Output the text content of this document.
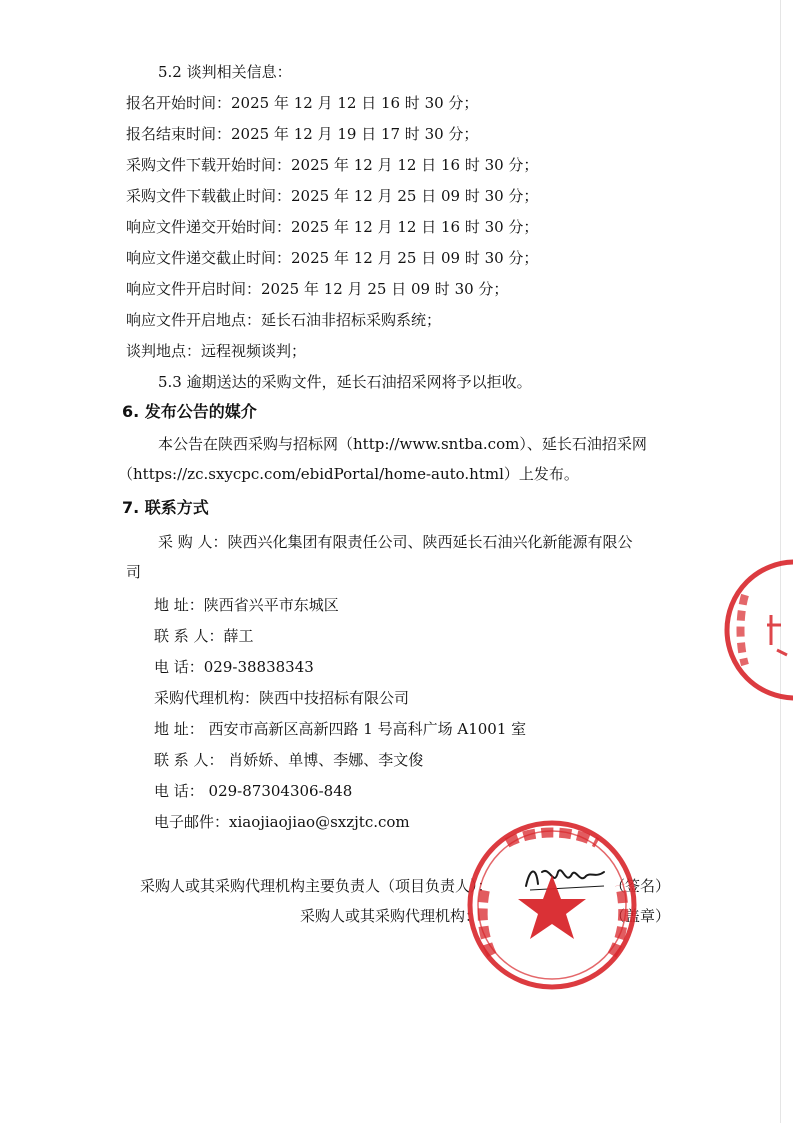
5.2 谈判相关信息：
报名开始时间：2025 年 12 月 12 日 16 时 30 分；
报名结束时间：2025 年 12 月 19 日 17 时 30 分；
采购文件下载开始时间：2025 年 12 月 12 日 16 时 30 分；
采购文件下载截止时间：2025 年 12 月 25 日 09 时 30 分；
响应文件递交开始时间：2025 年 12 月 12 日 16 时 30 分；
响应文件递交截止时间：2025 年 12 月 25 日 09 时 30 分；
响应文件开启时间：2025 年 12 月 25 日 09 时 30 分；
响应文件开启地点：延长石油非招标采购系统；
谈判地点：远程视频谈判；
5.3 逾期送达的采购文件，延长石油招采网将予以拒收。
6. 发布公告的媒介
本公告在陕西采购与招标网（http://www.sntba.com）、延长石油招采网
（https://zc.sxycpc.com/ebidPortal/home-auto.html）上发布。
7. 联系方式
采 购 人：陕西兴化集团有限责任公司、陕西延长石油兴化新能源有限公
司
地 址：陕西省兴平市东城区
联 系 人：薛工
电 话：029-38838343
采购代理机构：陕西中技招标有限公司
地 址： 西安市高新区高新四路 1 号高科广场 A1001 室
联 系 人： 肖娇娇、单博、李娜、李文俊
电 话： 029-87304306-848
电子邮件：xiaojiaojiao@sxzjtc.com
采购人或其采购代理机构主要负责人（项目负责人）：	（签名）
采购人或其采购代理机构：	（盖章）
